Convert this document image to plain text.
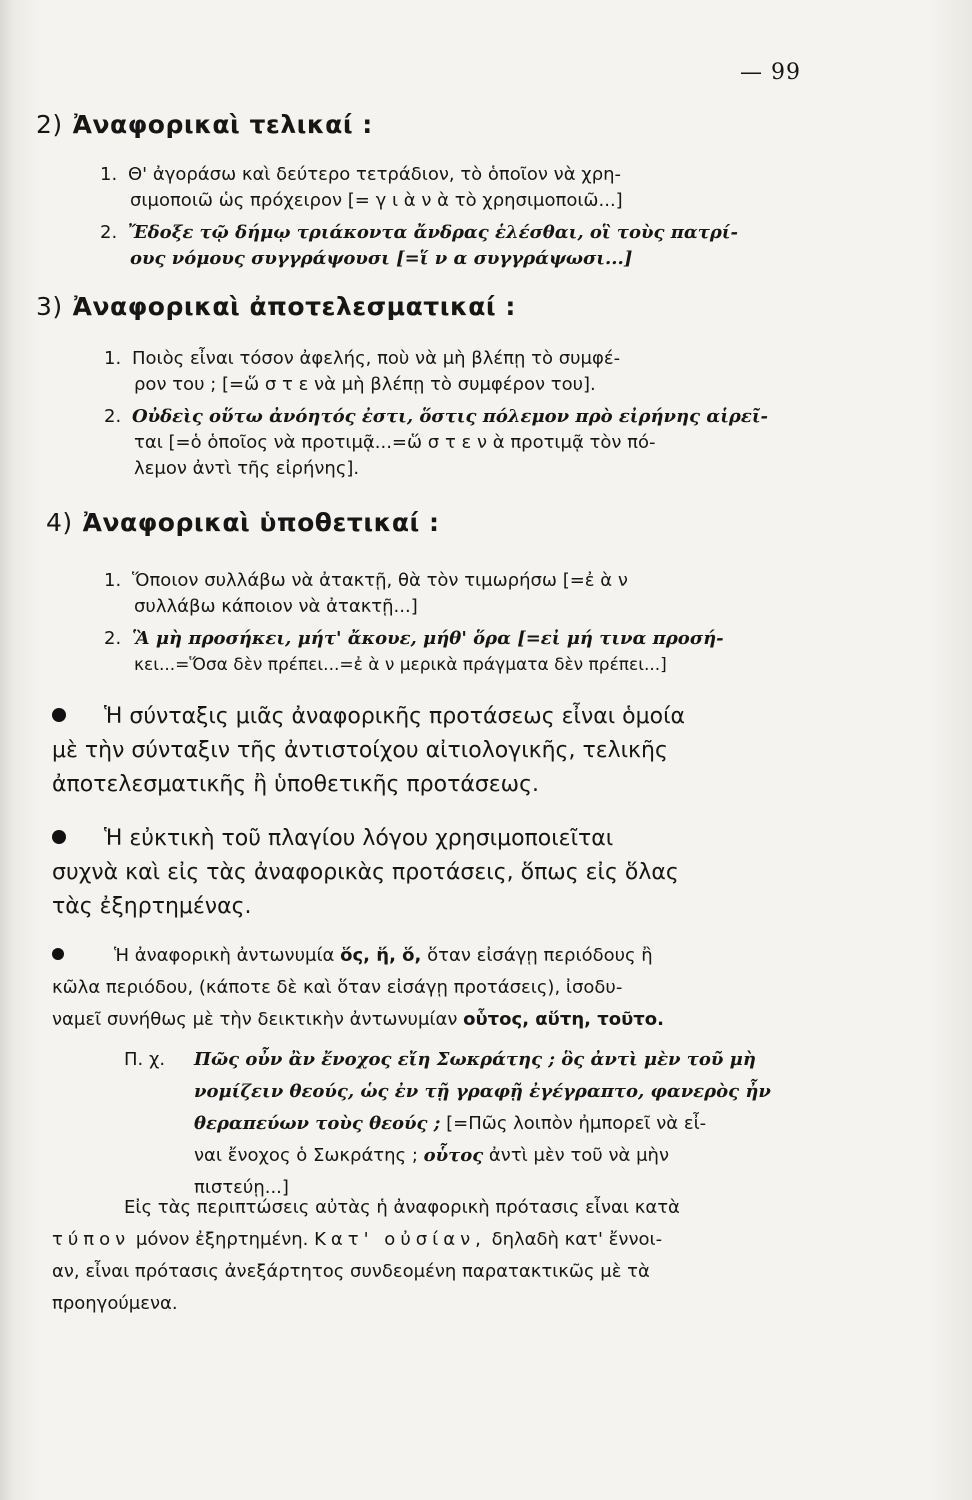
— 99
2) Ἀναφορικαὶ τελικαί :
1. Θ' ἀγοράσω καὶ δεύτερο τετράδιον, τὸ ὁποῖον νὰ χρη-
σιμοποιῶ ὡς πρόχειρον [= γ ι ὰ ν ὰ τὸ χρησιμοποιῶ...]
2. Ἔδοξε τῷ δήμῳ τριάκοντα ἄνδρας ἑλέσθαι, οἳ τοὺς πατρί-
ους νόμους συγγράψουσι [=ἵ ν α συγγράψωσι...]
3) Ἀναφορικαὶ ἀποτελεσματικαί :
1. Ποιὸς εἶναι τόσον ἀφελής, ποὺ νὰ μὴ βλέπῃ τὸ συμφέ-
ρον του ; [=ὥ σ τ ε νὰ μὴ βλέπῃ τὸ συμφέρον του].
2. Οὐδεὶς οὕτω ἀνόητός ἐστι, ὅστις πόλεμον πρὸ εἰρήνης αἱρεῖ-
ται [=ὁ ὁποῖος νὰ προτιμᾷ...=ὥ σ τ ε ν ὰ προτιμᾷ τὸν πό-
λεμον ἀντὶ τῆς εἰρήνης].
4) Ἀναφορικαὶ ὑποθετικαί :
1. Ὅποιον συλλάβω νὰ ἀτακτῇ, θὰ τὸν τιμωρήσω [=ἐ ὰ ν
συλλάβω κάποιον νὰ ἀτακτῇ...]
2. Ἃ μὴ προσήκει, μήτ' ἄκουε, μήθ' ὅρα [=εἰ μή τινα προσή-
κει...=Ὅσα δὲν πρέπει...=ἐ ὰ ν μερικὰ πράγματα δὲν πρέπει...]
Ἡ σύνταξις μιᾶς ἀναφορικῆς προτάσεως εἶναι ὁμοία
μὲ τὴν σύνταξιν τῆς ἀντιστοίχου αἰτιολογικῆς, τελικῆς
ἀποτελεσματικῆς ἢ ὑποθετικῆς προτάσεως.
Ἡ εὐκτικὴ τοῦ πλαγίου λόγου χρησιμοποιεῖται
συχνὰ καὶ εἰς τὰς ἀναφορικὰς προτάσεις, ὅπως εἰς ὅλας
τὰς ἐξηρτημένας.
Ἡ ἀναφορικὴ ἀντωνυμία ὅς, ἥ, ὅ, ὅταν εἰσάγῃ περιόδους ἢ
κῶλα περιόδου, (κάποτε δὲ καὶ ὅταν εἰσάγῃ προτάσεις), ἰσοδυ-
ναμεῖ συνήθως μὲ τὴν δεικτικὴν ἀντωνυμίαν οὗτος, αὕτη, τοῦτο.
Π. χ. Πῶς οὖν ἂν ἔνοχος εἴη Σωκράτης ; ὃς ἀντὶ μὲν τοῦ μὴ
νομίζειν θεούς, ὡς ἐν τῇ γραφῇ ἐγέγραπτο, φανερὸς ἦν
θεραπεύων τοὺς θεούς ; [=Πῶς λοιπὸν ἠμπορεῖ νὰ εἶ-
ναι ἔνοχος ὁ Σωκράτης ; οὗτος ἀντὶ μὲν τοῦ νὰ μὴν
πιστεύῃ...]
Εἰς τὰς περιπτώσεις αὐτὰς ἡ ἀναφορικὴ πρότασις εἶναι κατὰ
τύπον μόνον ἐξηρτημένη. Κατ' οὐσίαν, δηλαδὴ κατ' ἔννοι-
αν, εἶναι πρότασις ἀνεξάρτητος συνδεομένη παρατακτικῶς μὲ τὰ
προηγούμενα.
